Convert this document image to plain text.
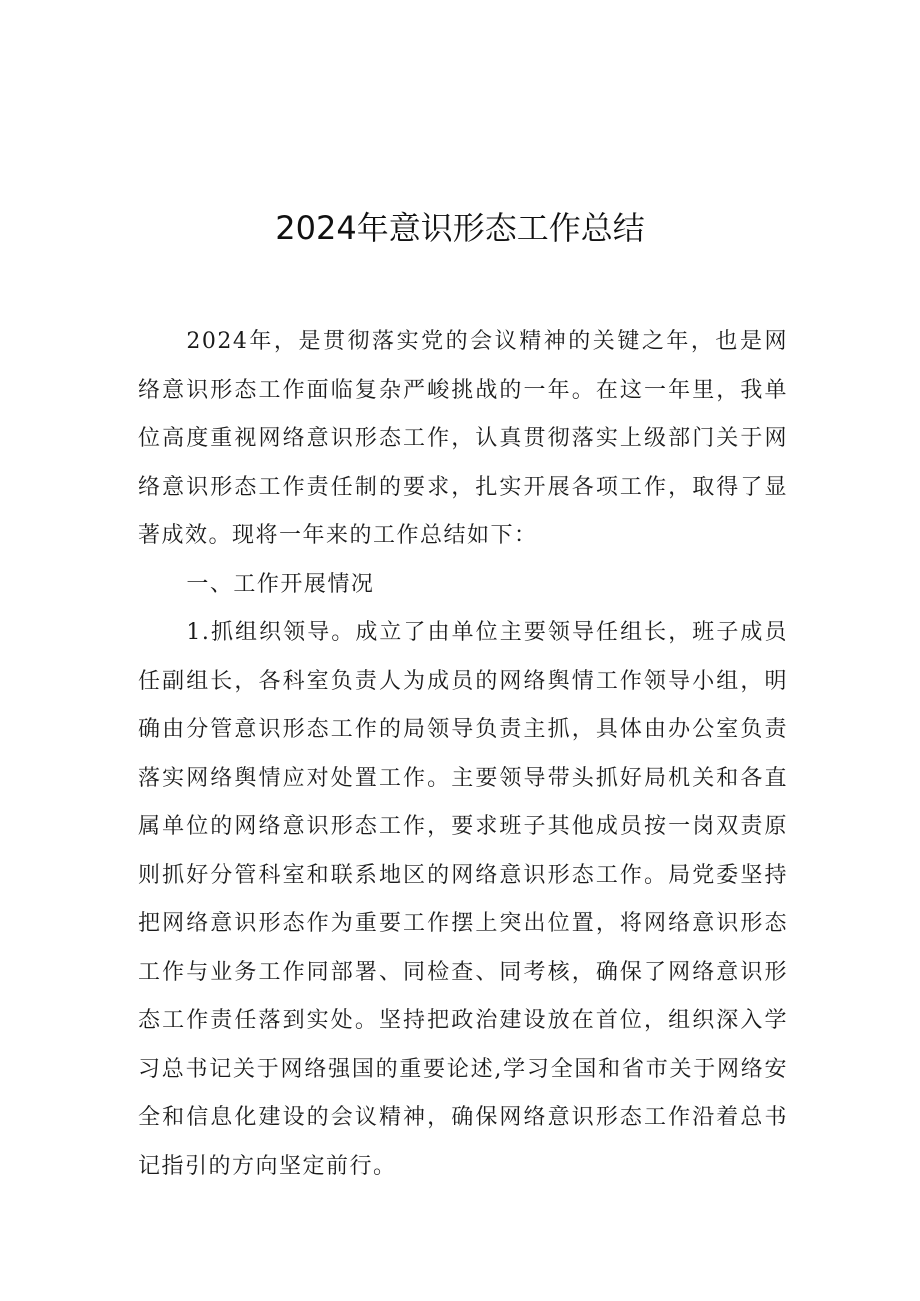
2024年意识形态工作总结

2024年，是贯彻落实党的会议精神的关键之年，也是网络意识形态工作面临复杂严峻挑战的一年。在这一年里，我单位高度重视网络意识形态工作，认真贯彻落实上级部门关于网络意识形态工作责任制的要求，扎实开展各项工作，取得了显著成效。现将一年来的工作总结如下：

一、工作开展情况

1.抓组织领导。成立了由单位主要领导任组长，班子成员任副组长，各科室负责人为成员的网络舆情工作领导小组，明确由分管意识形态工作的局领导负责主抓，具体由办公室负责落实网络舆情应对处置工作。主要领导带头抓好局机关和各直属单位的网络意识形态工作，要求班子其他成员按一岗双责原则抓好分管科室和联系地区的网络意识形态工作。局党委坚持把网络意识形态作为重要工作摆上突出位置，将网络意识形态工作与业务工作同部署、同检查、同考核，确保了网络意识形态工作责任落到实处。坚持把政治建设放在首位，组织深入学习总书记关于网络强国的重要论述,学习全国和省市关于网络安全和信息化建设的会议精神，确保网络意识形态工作沿着总书记指引的方向坚定前行。
